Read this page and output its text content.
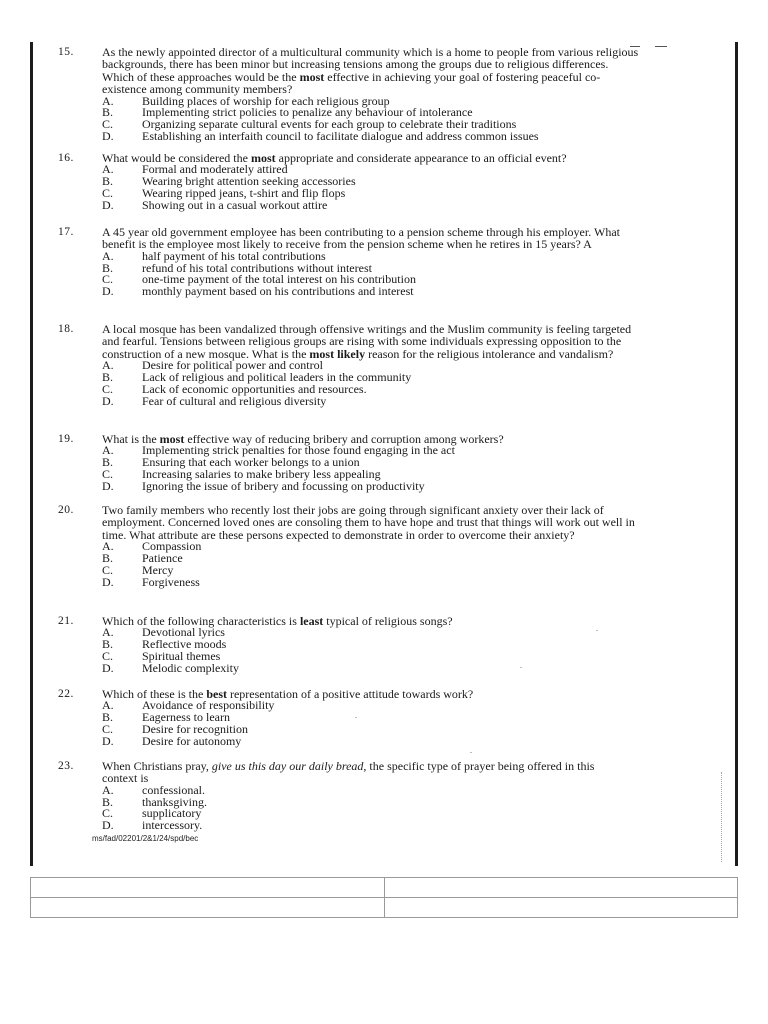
15. As the newly appointed director of a multicultural community which is a home to people from various religious backgrounds, there has been minor but increasing tensions among the groups due to religious differences. Which of these approaches would be the most effective in achieving your goal of fostering peaceful co-existence among community members?
A. Building places of worship for each religious group
B. Implementing strict policies to penalize any behaviour of intolerance
C. Organizing separate cultural events for each group to celebrate their traditions
D. Establishing an interfaith council to facilitate dialogue and address common issues
16. What would be considered the most appropriate and considerate appearance to an official event?
A. Formal and moderately attired
B. Wearing bright attention seeking accessories
C. Wearing ripped jeans, t-shirt and flip flops
D. Showing out in a casual workout attire
17. A 45 year old government employee has been contributing to a pension scheme through his employer. What benefit is the employee most likely to receive from the pension scheme when he retires in 15 years? A
A. half payment of his total contributions
B. refund of his total contributions without interest
C. one-time payment of the total interest on his contribution
D. monthly payment based on his contributions and interest
18. A local mosque has been vandalized through offensive writings and the Muslim community is feeling targeted and fearful. Tensions between religious groups are rising with some individuals expressing opposition to the construction of a new mosque. What is the most likely reason for the religious intolerance and vandalism?
A. Desire for political power and control
B. Lack of religious and political leaders in the community
C. Lack of economic opportunities and resources.
D. Fear of cultural and religious diversity
19. What is the most effective way of reducing bribery and corruption among workers?
A. Implementing strick penalties for those found engaging in the act
B. Ensuring that each worker belongs to a union
C. Increasing salaries to make bribery less appealing
D. Ignoring the issue of bribery and focussing on productivity
20. Two family members who recently lost their jobs are going through significant anxiety over their lack of employment. Concerned loved ones are consoling them to have hope and trust that things will work out well in time. What attribute are these persons expected to demonstrate in order to overcome their anxiety?
A. Compassion
B. Patience
C. Mercy
D. Forgiveness
21. Which of the following characteristics is least typical of religious songs?
A. Devotional lyrics
B. Reflective moods
C. Spiritual themes
D. Melodic complexity
22. Which of these is the best representation of a positive attitude towards work?
A. Avoidance of responsibility
B. Eagerness to learn
C. Desire for recognition
D. Desire for autonomy
23. When Christians pray, give us this day our daily bread, the specific type of prayer being offered in this context is
A. confessional.
B. thanksgiving.
C. supplicatory
D. intercessory.
ms/fad/02201/2&1/24/spd/bec
